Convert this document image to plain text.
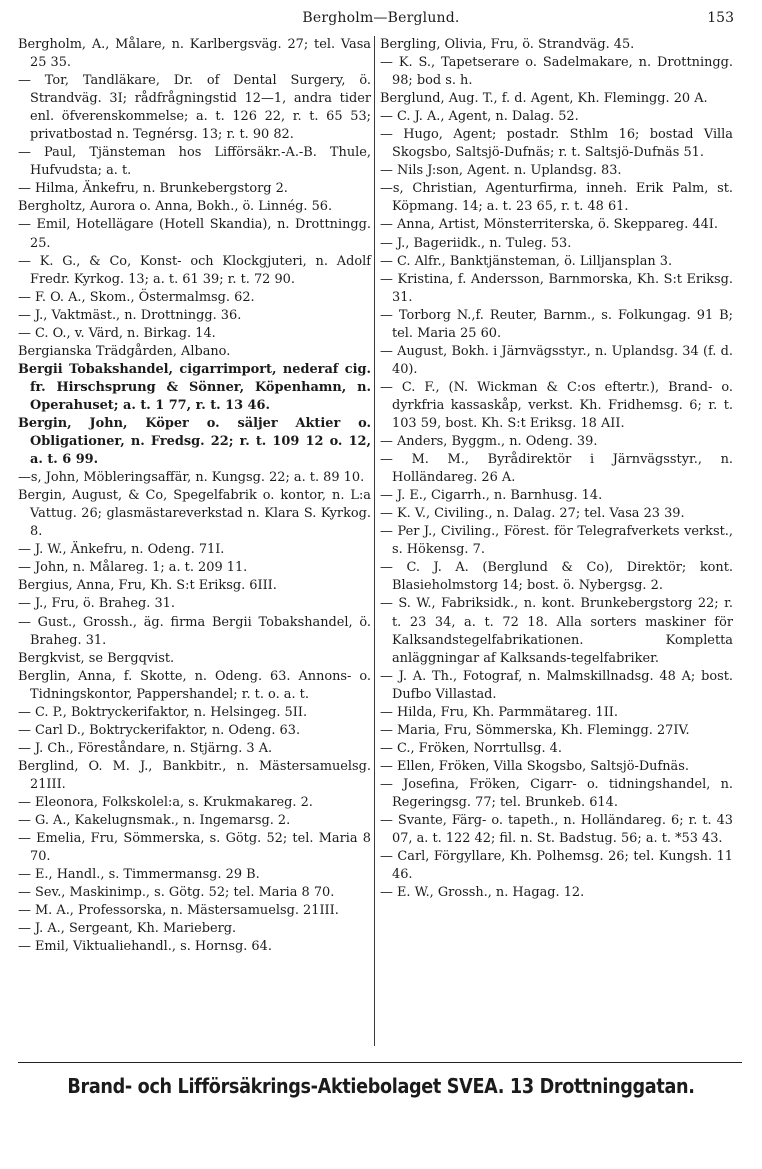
Bergholm—Berglund.	153
Bergholm, A., Målare, n. Karlbergsväg. 27; tel. Vasa 25 35.
— Tor, Tandläkare, Dr. of Dental Surgery, ö. Strandväg. 3I; rådfrågningstid 12—1, andra tider enl. öfverenskommelse; a. t. 126 22, r. t. 65 53; privatbostad n. Tegnérsg. 13; r. t. 90 82.
— Paul, Tjänsteman hos Lifförsäkr.-A.-B. Thule, Hufvudsta; a. t.
— Hilma, Änkefru, n. Brunkebergstorg 2.
Bergholtz, Aurora o. Anna, Bokh., ö. Linnég. 56.
— Emil, Hotellägare (Hotell Skandia), n. Drottningg. 25.
— K. G., & Co, Konst- och Klockgjuteri, n. Adolf Fredr. Kyrkog. 13; a. t. 61 39; r. t. 72 90.
— F. O. A., Skom., Östermalmsg. 62.
— J., Vaktmäst., n. Drottningg. 36.
— C. O., v. Värd, n. Birkag. 14.
Bergianska Trädgården, Albano.
Bergii Tobakshandel, cigarrimport, nederaf cig. fr. Hirschsprung & Sönner, Köpenhamn, n. Operahuset; a. t. 1 77, r. t. 13 46.
Bergin, John, Köper o. säljer Aktier o. Obligationer, n. Fredsg. 22; r. t. 109 12 o. 12, a. t. 6 99.
—s, John, Möbleringsaffär, n. Kungsg. 22; a. t. 89 10.
Bergin, August, & Co, Spegelfabrik o. kontor, n. L:a Vattug. 26; glasmästareverkstad n. Klara S. Kyrkog. 8.
— J. W., Änkefru, n. Odeng. 71I.
— John, n. Målareg. 1; a. t. 209 11.
Bergius, Anna, Fru, Kh. S:t Eriksg. 6III.
— J., Fru, ö. Braheg. 31.
— Gust., Grossh., äg. firma Bergii Tobakshandel, ö. Braheg. 31.
Bergkvist, se Bergqvist.
Berglin, Anna, f. Skotte, n. Odeng. 63. Annons- o. Tidningskontor, Pappershandel; r. t. o. a. t.
— C. P., Boktryckerifaktor, n. Helsingeg. 5II.
— Carl D., Boktryckerifaktor, n. Odeng. 63.
— J. Ch., Föreståndare, n. Stjärng. 3 A.
Berglind, O. M. J., Bankbitr., n. Mästersamuelsg. 21III.
— Eleonora, Folkskolel:a, s. Krukmakareg. 2.
— G. A., Kakelugnsmak., n. Ingemarsg. 2.
— Emelia, Fru, Sömmerska, s. Götg. 52; tel. Maria 8 70.
— E., Handl., s. Timmermansg. 29 B.
— Sev., Maskinimp., s. Götg. 52; tel. Maria 8 70.
— M. A., Professorska, n. Mästersamuelsg. 21III.
— J. A., Sergeant, Kh. Marieberg.
— Emil, Viktualiehandl., s. Hornsg. 64.
Bergling, Olivia, Fru, ö. Strandväg. 45.
— K. S., Tapetserare o. Sadelmakare, n. Drottningg. 98; bod s. h.
Berglund, Aug. T., f. d. Agent, Kh. Flemingg. 20 A.
— C. J. A., Agent, n. Dalag. 52.
— Hugo, Agent; postadr. Sthlm 16; bostad Villa Skogsbo, Saltsjö-Dufnäs; r. t. Saltsjö-Dufnäs 51.
— Nils J:son, Agent. n. Uplandsg. 83.
—s, Christian, Agenturfirma, inneh. Erik Palm, st. Köpmang. 14; a. t. 23 65, r. t. 48 61.
— Anna, Artist, Mönsterriterska, ö. Skeppareg. 44I.
— J., Bageriidk., n. Tuleg. 53.
— C. Alfr., Banktjänsteman, ö. Lilljansplan 3.
— Kristina, f. Andersson, Barnmorska, Kh. S:t Eriksg. 31.
— Torborg N.,f. Reuter, Barnm., s. Folkungag. 91 B; tel. Maria 25 60.
— August, Bokh. i Järnvägsstyr., n. Uplandsg. 34 (f. d. 40).
— C. F., (N. Wickman & C:os eftertr.), Brand- o. dyrkfria kassaskåp, verkst. Kh. Fridhemsg. 6; r. t. 103 59, bost. Kh. S:t Eriksg. 18 AII.
— Anders, Byggm., n. Odeng. 39.
— M. M., Byrådirektör i Järnvägsstyr., n. Holländareg. 26 A.
— J. E., Cigarrh., n. Barnhusg. 14.
— K. V., Civiling., n. Dalag. 27; tel. Vasa 23 39.
— Per J., Civiling., Förest. för Telegrafverkets verkst., s. Hökensg. 7.
— C. J. A. (Berglund & Co), Direktör; kont. Blasieholmstorg 14; bost. ö. Nybergsg. 2.
— S. W., Fabriksidk., n. kont. Brunkebergstorg 22; r. t. 23 34, a. t. 72 18. Alla sorters maskiner för Kalksandstegelfabrikationen. Kompletta anläggningar af Kalksands-tegelfabriker.
— J. A. Th., Fotograf, n. Malmskillnadsg. 48 A; bost. Dufbo Villastad.
— Hilda, Fru, Kh. Parmmätareg. 1II.
— Maria, Fru, Sömmerska, Kh. Flemingg. 27IV.
— C., Fröken, Norrtullsg. 4.
— Ellen, Fröken, Villa Skogsbo, Saltsjö-Dufnäs.
— Josefina, Fröken, Cigarr- o. tidningshandel, n. Regeringsg. 77; tel. Brunkeb. 614.
— Svante, Färg- o. tapeth., n. Holländareg. 6; r. t. 43 07, a. t. 122 42; fil. n. St. Badstug. 56; a. t. *53 43.
— Carl, Förgyllare, Kh. Polhemsg. 26; tel. Kungsh. 11 46.
— E. W., Grossh., n. Hagag. 12.
Brand- och Lifförsäkrings-Aktiebolaget SVEA. 13 Drottninggatan.
